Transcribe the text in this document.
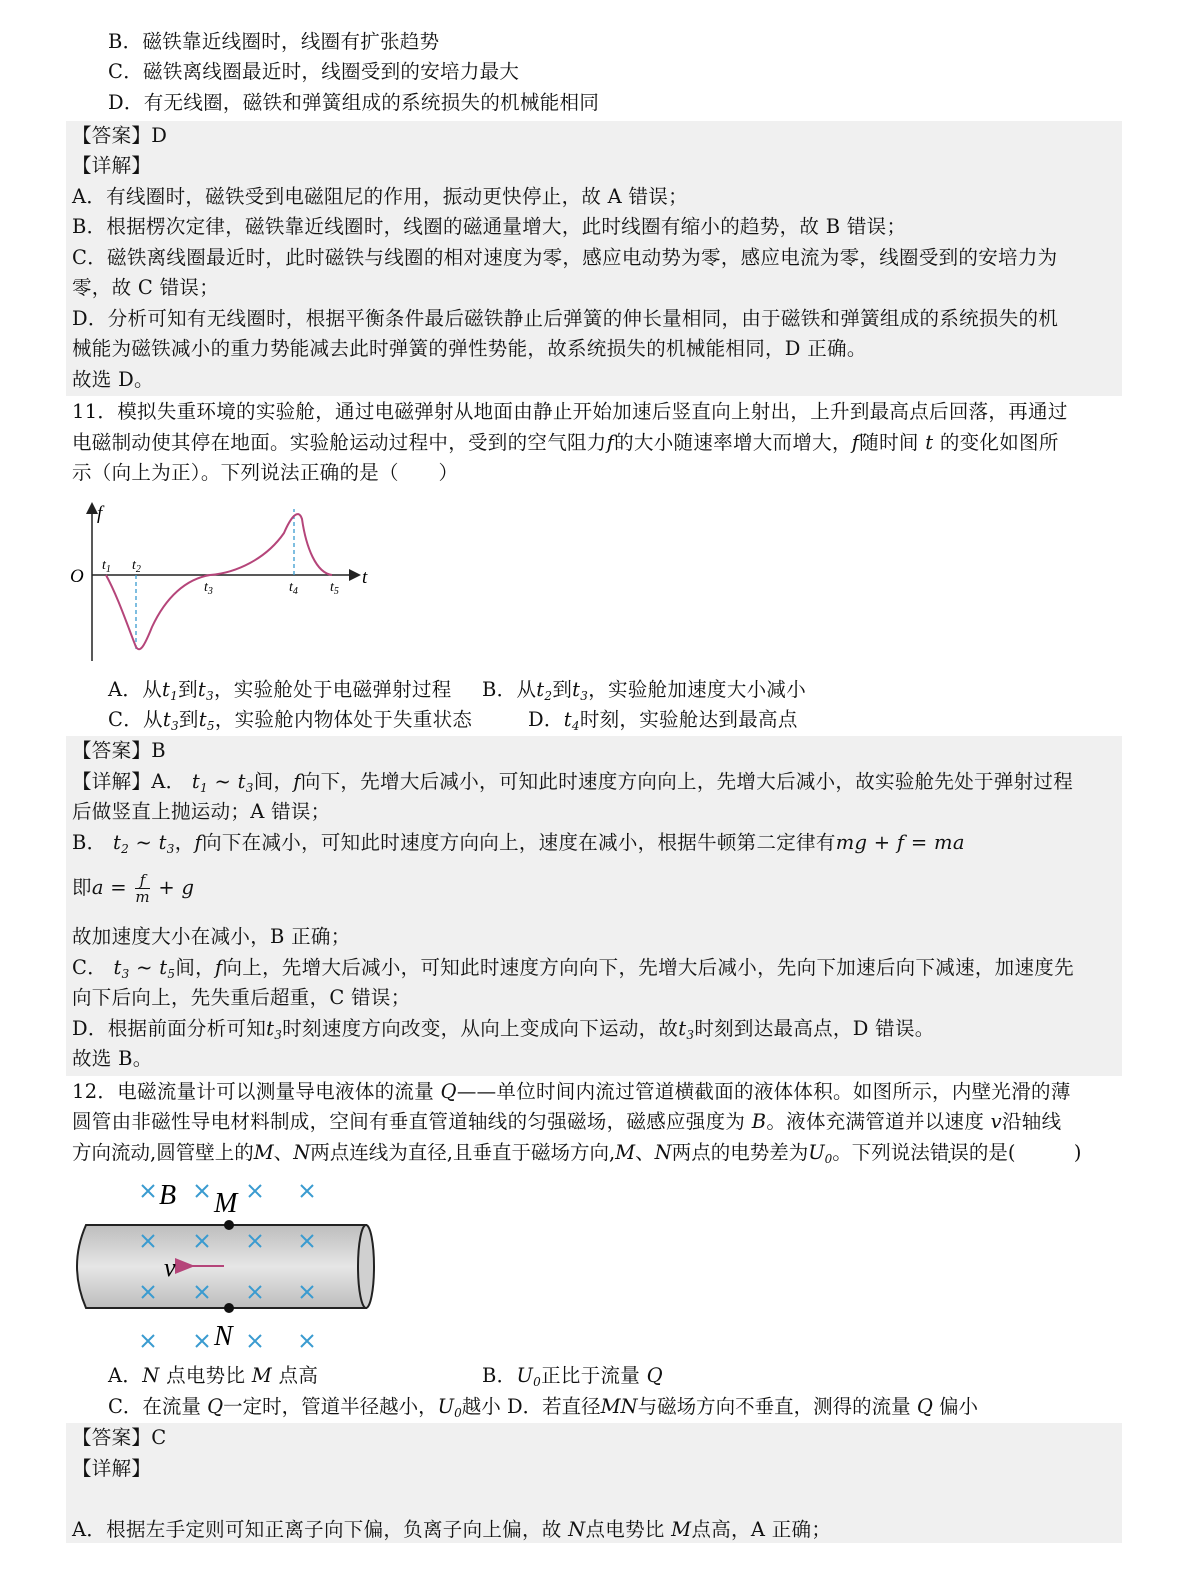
B．磁铁靠近线圈时，线圈有扩张趋势
C．磁铁离线圈最近时，线圈受到的安培力最大
D．有无线圈，磁铁和弹簧组成的系统损失的机械能相同
【答案】D
【详解】
A．有线圈时，磁铁受到电磁阻尼的作用，振动更快停止，故 A 错误；
B．根据楞次定律，磁铁靠近线圈时，线圈的磁通量增大，此时线圈有缩小的趋势，故 B 错误；
C．磁铁离线圈最近时，此时磁铁与线圈的相对速度为零，感应电动势为零，感应电流为零，线圈受到的安培力为
零，故 C 错误；
D．分析可知有无线圈时，根据平衡条件最后磁铁静止后弹簧的伸长量相同，由于磁铁和弹簧组成的系统损失的机
械能为磁铁减小的重力势能减去此时弹簧的弹性势能，故系统损失的机械能相同，D 正确。
故选 D。
11．模拟失重环境的实验舱，通过电磁弹射从地面由静止开始加速后竖直向上射出，上升到最高点后回落，再通过
电磁制动使其停在地面。实验舱运动过程中，受到的空气阻力f的大小随速率增大而增大，f随时间 t 的变化如图所
示（向上为正）。下列说法正确的是（　　）
f
t
O
$t_1$ $t_2$
$t_3$	$t_4$ $t_5$
A．从$t_1$到$t_3$，实验舱处于电磁弹射过程 B．从$t_2$到$t_3$，实验舱加速度大小减小
C．从$t_3$到$t_5$，实验舱内物体处于失重状态	D．$t_4$时刻，实验舱达到最高点
【答案】B
【详解】A． $t_1$ ~ $t_3$间，f向下，先增大后减小，可知此时速度方向向上，先增大后减小，故实验舱先处于弹射过程
后做竖直上抛运动；A 错误；
B． $t_2$ ~ $t_3$，f向下在减小，可知此时速度方向向上，速度在减小，根据牛顿第二定律有mg + f = ma
即$a = \frac{f}{m} + g$
故加速度大小在减小，B 正确；
C． $t_3$ ~ $t_5$间，f向上，先增大后减小，可知此时速度方向向下，先增大后减小，先向下加速后向下减速，加速度先
向下后向上，先失重后超重，C 错误；
D．根据前面分析可知$t_3$时刻速度方向改变，从向上变成向下运动，故$t_3$时刻到达最高点，D 错误。
故选 B。
12．电磁流量计可以测量导电液体的流量 Q——单位时间内流过管道横截面的液体体积。如图所示，内壁光滑的薄
圆管由非磁性导电材料制成，空间有垂直管道轴线的匀强磁场，磁感应强度为 B。液体充满管道并以速度 v沿轴线
方向流动,圆管壁上的M、N两点连线为直径,且垂直于磁场方向,M、N两点的电势差为$U_0$。下列说法错误的是(　　　)
B M
N
v
A．N 点电势比 M 点高	B．$U_0$正比于流量 Q
C．在流量 Q一定时，管道半径越小，$U_0$越小 D．若直径MN与磁场方向不垂直，测得的流量 Q 偏小
【答案】C
【详解】
A．根据左手定则可知正离子向下偏，负离子向上偏，故 N点电势比 M点高，A 正确；
